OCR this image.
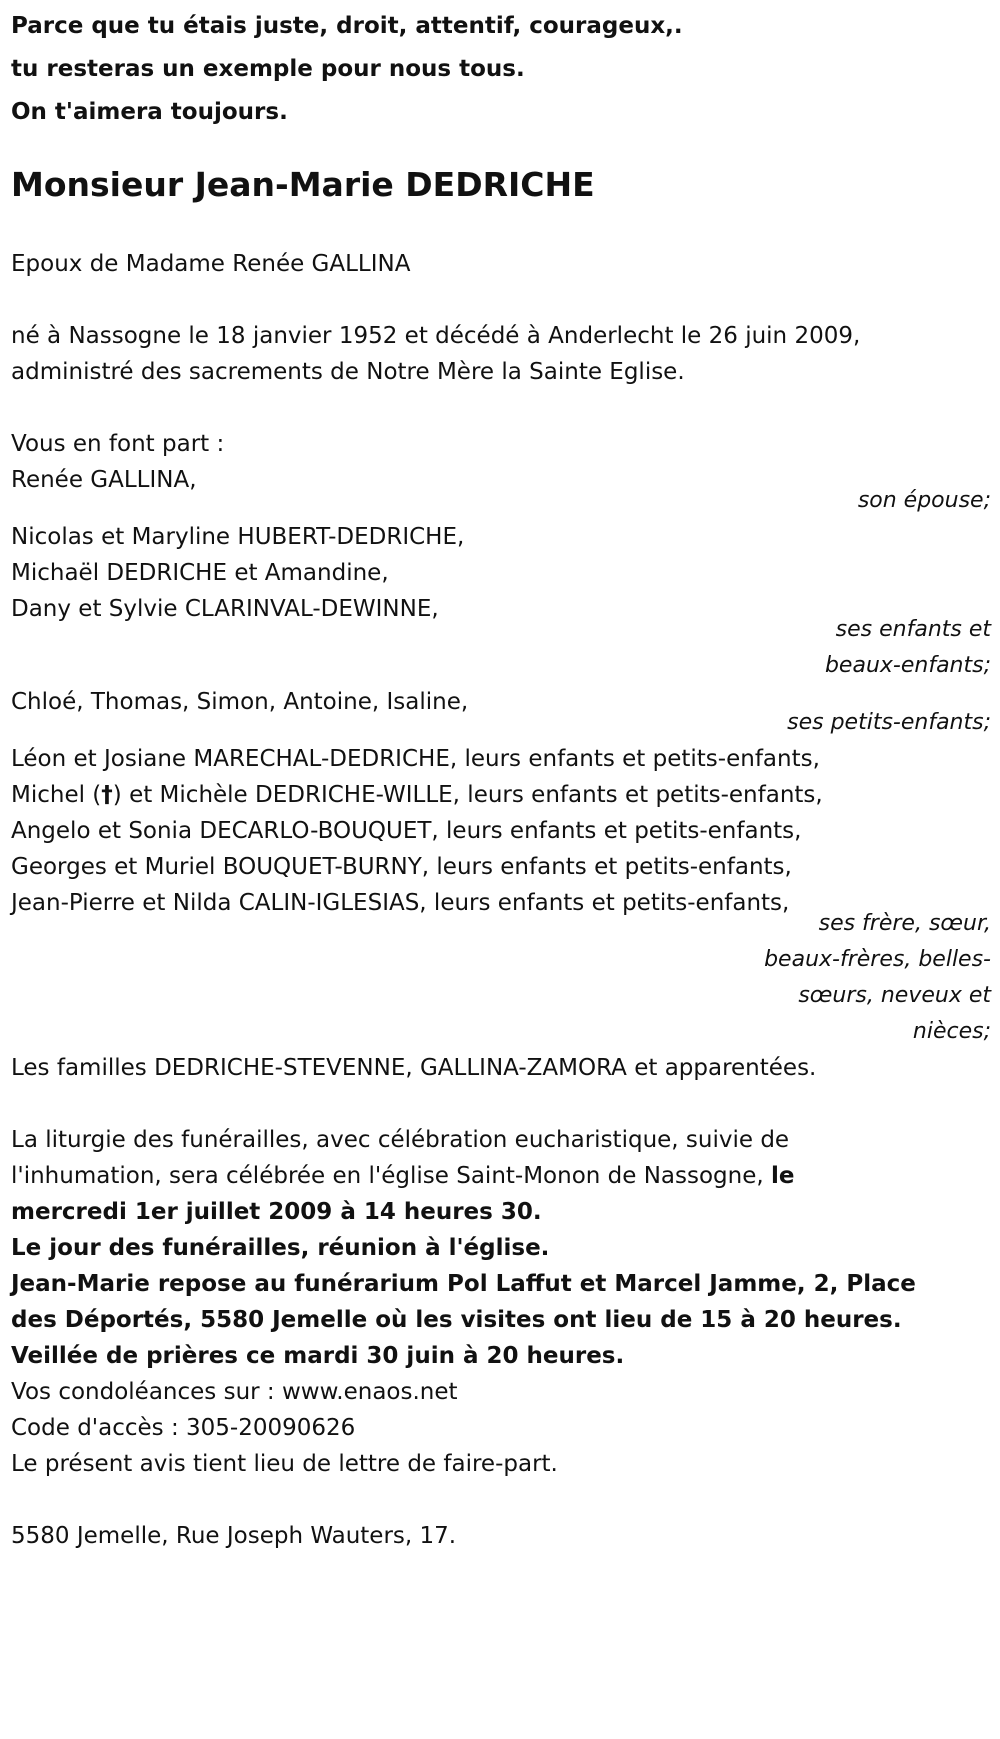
Parce que tu étais juste, droit, attentif, courageux,.
tu resteras un exemple pour nous tous.
On t'aimera toujours.
Monsieur Jean-Marie DEDRICHE
Epoux de Madame Renée GALLINA
né à Nassogne le 18 janvier 1952 et décédé à Anderlecht le 26 juin 2009,
administré des sacrements de Notre Mère la Sainte Eglise.
Vous en font part :
Renée GALLINA,
son épouse;
Nicolas et Maryline HUBERT-DEDRICHE,
Michaël DEDRICHE et Amandine,
Dany et Sylvie CLARINVAL-DEWINNE,
ses enfants et
beaux-enfants;
Chloé, Thomas, Simon, Antoine, Isaline,
ses petits-enfants;
Léon et Josiane MARECHAL-DEDRICHE, leurs enfants et petits-enfants,
Michel (†) et Michèle DEDRICHE-WILLE, leurs enfants et petits-enfants,
Angelo et Sonia DECARLO-BOUQUET, leurs enfants et petits-enfants,
Georges et Muriel BOUQUET-BURNY, leurs enfants et petits-enfants,
Jean-Pierre et Nilda CALIN-IGLESIAS, leurs enfants et petits-enfants,
ses frère, sœur,
beaux-frères, belles-
sœurs, neveux et
nièces;
Les familles DEDRICHE-STEVENNE, GALLINA-ZAMORA et apparentées.
La liturgie des funérailles, avec célébration eucharistique, suivie de
l'inhumation, sera célébrée en l'église Saint-Monon de Nassogne, le
mercredi 1er juillet 2009 à 14 heures 30.
Le jour des funérailles, réunion à l'église.
Jean-Marie repose au funérarium Pol Laffut et Marcel Jamme, 2, Place
des Déportés, 5580 Jemelle où les visites ont lieu de 15 à 20 heures.
Veillée de prières ce mardi 30 juin à 20 heures.
Vos condoléances sur : www.enaos.net
Code d'accès : 305-20090626
Le présent avis tient lieu de lettre de faire-part.
5580 Jemelle, Rue Joseph Wauters, 17.
